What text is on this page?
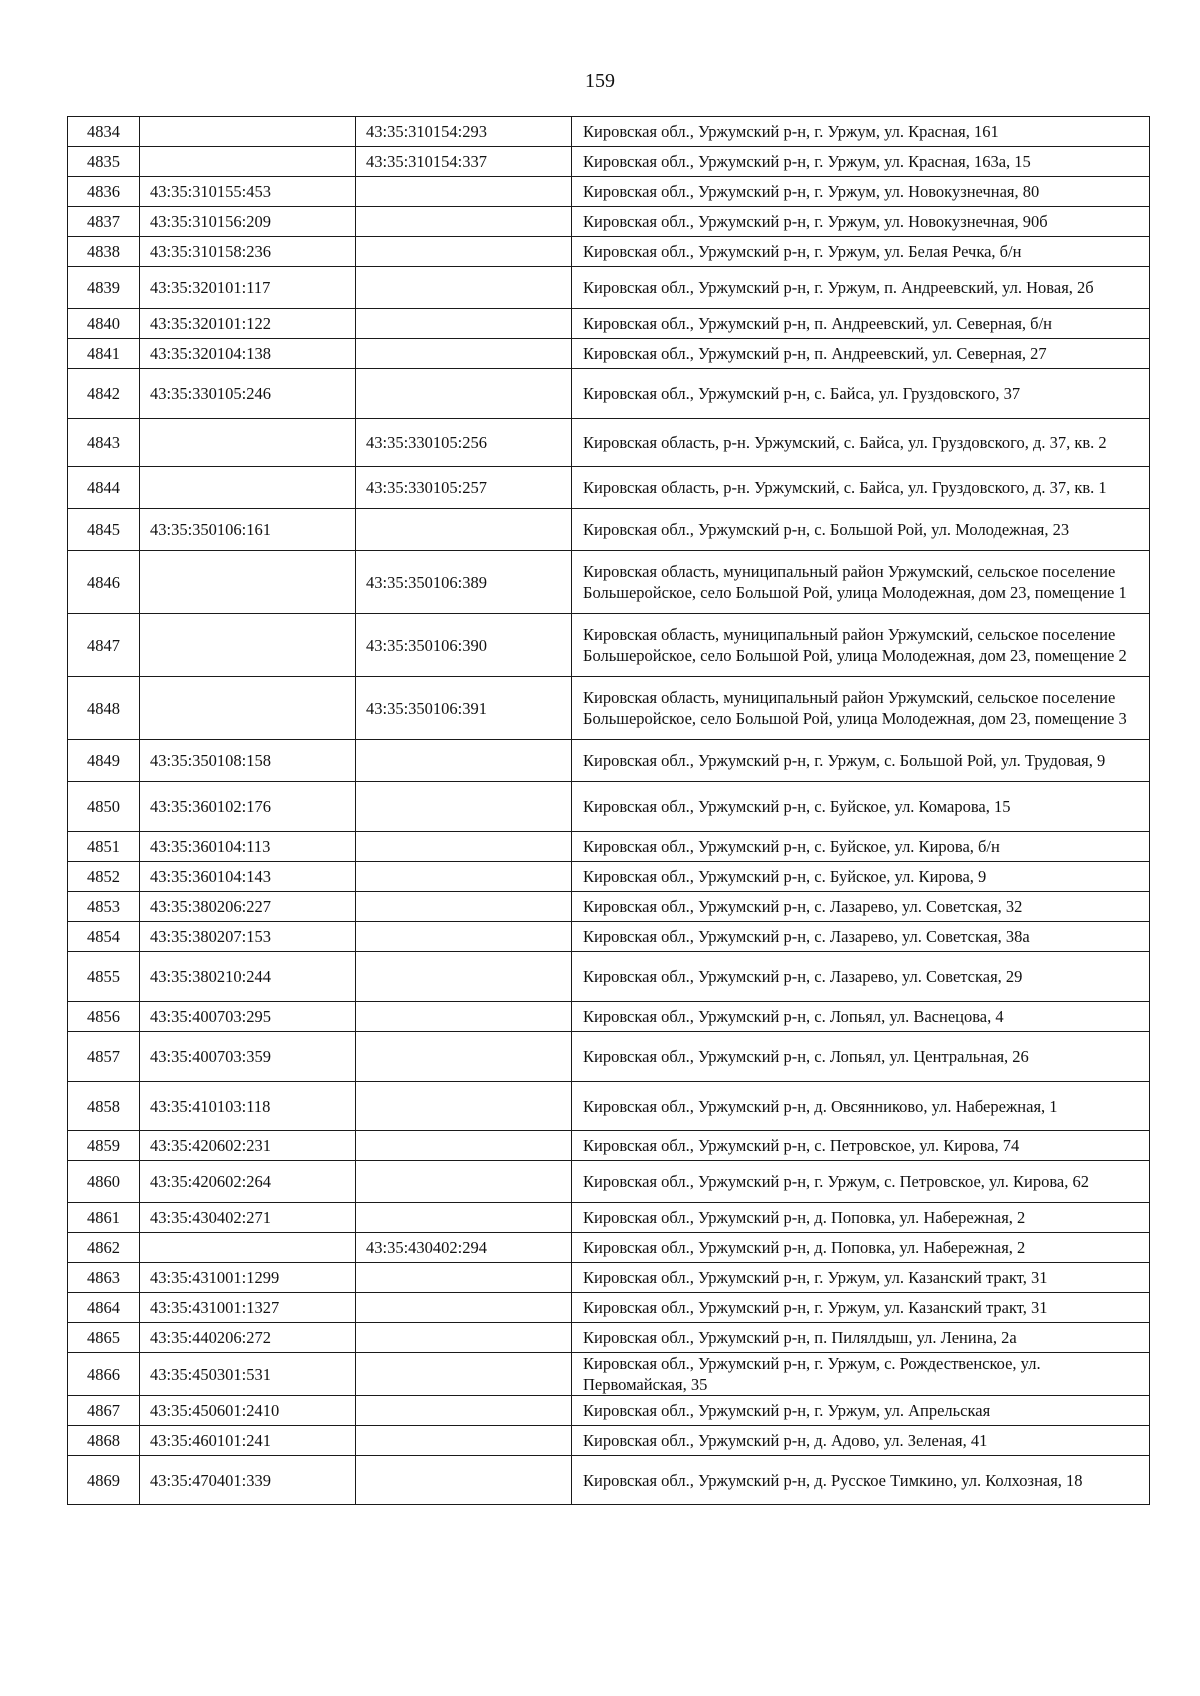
159
4834		43:35:310154:293	Кировская обл., Уржумский р-н, г. Уржум, ул. Красная, 161
4835		43:35:310154:337	Кировская обл., Уржумский р-н, г. Уржум, ул. Красная, 163а, 15
4836	43:35:310155:453		Кировская обл., Уржумский р-н, г. Уржум, ул. Новокузнечная, 80
4837	43:35:310156:209		Кировская обл., Уржумский р-н, г. Уржум, ул. Новокузнечная, 90б
4838	43:35:310158:236		Кировская обл., Уржумский р-н, г. Уржум, ул. Белая Речка, б/н
4839	43:35:320101:117		Кировская обл., Уржумский р-н, г. Уржум, п. Андреевский, ул. Новая, 2б
4840	43:35:320101:122		Кировская обл., Уржумский р-н, п. Андреевский, ул. Северная, б/н
4841	43:35:320104:138		Кировская обл., Уржумский р-н, п. Андреевский, ул. Северная, 27
4842	43:35:330105:246		Кировская обл., Уржумский р-н, с. Байса, ул. Груздовского, 37
4843		43:35:330105:256	Кировская область, р-н. Уржумский, с. Байса, ул. Груздовского, д. 37, кв. 2
4844		43:35:330105:257	Кировская область, р-н. Уржумский, с. Байса, ул. Груздовского, д. 37, кв. 1
4845	43:35:350106:161		Кировская обл., Уржумский р-н, с. Большой Рой, ул. Молодежная, 23
4846		43:35:350106:389	Кировская область, муниципальный район Уржумский, сельское поселение Большеройское, село Большой Рой, улица Молодежная, дом 23, помещение 1
4847		43:35:350106:390	Кировская область, муниципальный район Уржумский, сельское поселение Большеройское, село Большой Рой, улица Молодежная, дом 23, помещение 2
4848		43:35:350106:391	Кировская область, муниципальный район Уржумский, сельское поселение Большеройское, село Большой Рой, улица Молодежная, дом 23, помещение 3
4849	43:35:350108:158		Кировская обл., Уржумский р-н, г. Уржум, с. Большой Рой, ул. Трудовая, 9
4850	43:35:360102:176		Кировская обл., Уржумский р-н, с. Буйское, ул. Комарова, 15
4851	43:35:360104:113		Кировская обл., Уржумский р-н, с. Буйское, ул. Кирова, б/н
4852	43:35:360104:143		Кировская обл., Уржумский р-н, с. Буйское, ул. Кирова, 9
4853	43:35:380206:227		Кировская обл., Уржумский р-н, с. Лазарево, ул. Советская, 32
4854	43:35:380207:153		Кировская обл., Уржумский р-н, с. Лазарево, ул. Советская, 38а
4855	43:35:380210:244		Кировская обл., Уржумский р-н, с. Лазарево, ул. Советская, 29
4856	43:35:400703:295		Кировская обл., Уржумский р-н, с. Лопьял, ул. Васнецова, 4
4857	43:35:400703:359		Кировская обл., Уржумский р-н, с. Лопьял, ул. Центральная, 26
4858	43:35:410103:118		Кировская обл., Уржумский р-н, д. Овсянниково, ул. Набережная, 1
4859	43:35:420602:231		Кировская обл., Уржумский р-н, с. Петровское, ул. Кирова, 74
4860	43:35:420602:264		Кировская обл., Уржумский р-н, г. Уржум, с. Петровское, ул. Кирова, 62
4861	43:35:430402:271		Кировская обл., Уржумский р-н, д. Поповка, ул. Набережная, 2
4862		43:35:430402:294	Кировская обл., Уржумский р-н, д. Поповка, ул. Набережная, 2
4863	43:35:431001:1299		Кировская обл., Уржумский р-н, г. Уржум, ул. Казанский тракт, 31
4864	43:35:431001:1327		Кировская обл., Уржумский р-н, г. Уржум, ул. Казанский тракт, 31
4865	43:35:440206:272		Кировская обл., Уржумский р-н, п. Пилялдыш, ул. Ленина, 2а
4866	43:35:450301:531		Кировская обл., Уржумский р-н, г. Уржум, с. Рождественское, ул. Первомайская, 35
4867	43:35:450601:2410		Кировская обл., Уржумский р-н, г. Уржум, ул. Апрельская
4868	43:35:460101:241		Кировская обл., Уржумский р-н, д. Адово, ул. Зеленая, 41
4869	43:35:470401:339		Кировская обл., Уржумский р-н, д. Русское Тимкино, ул. Колхозная, 18
